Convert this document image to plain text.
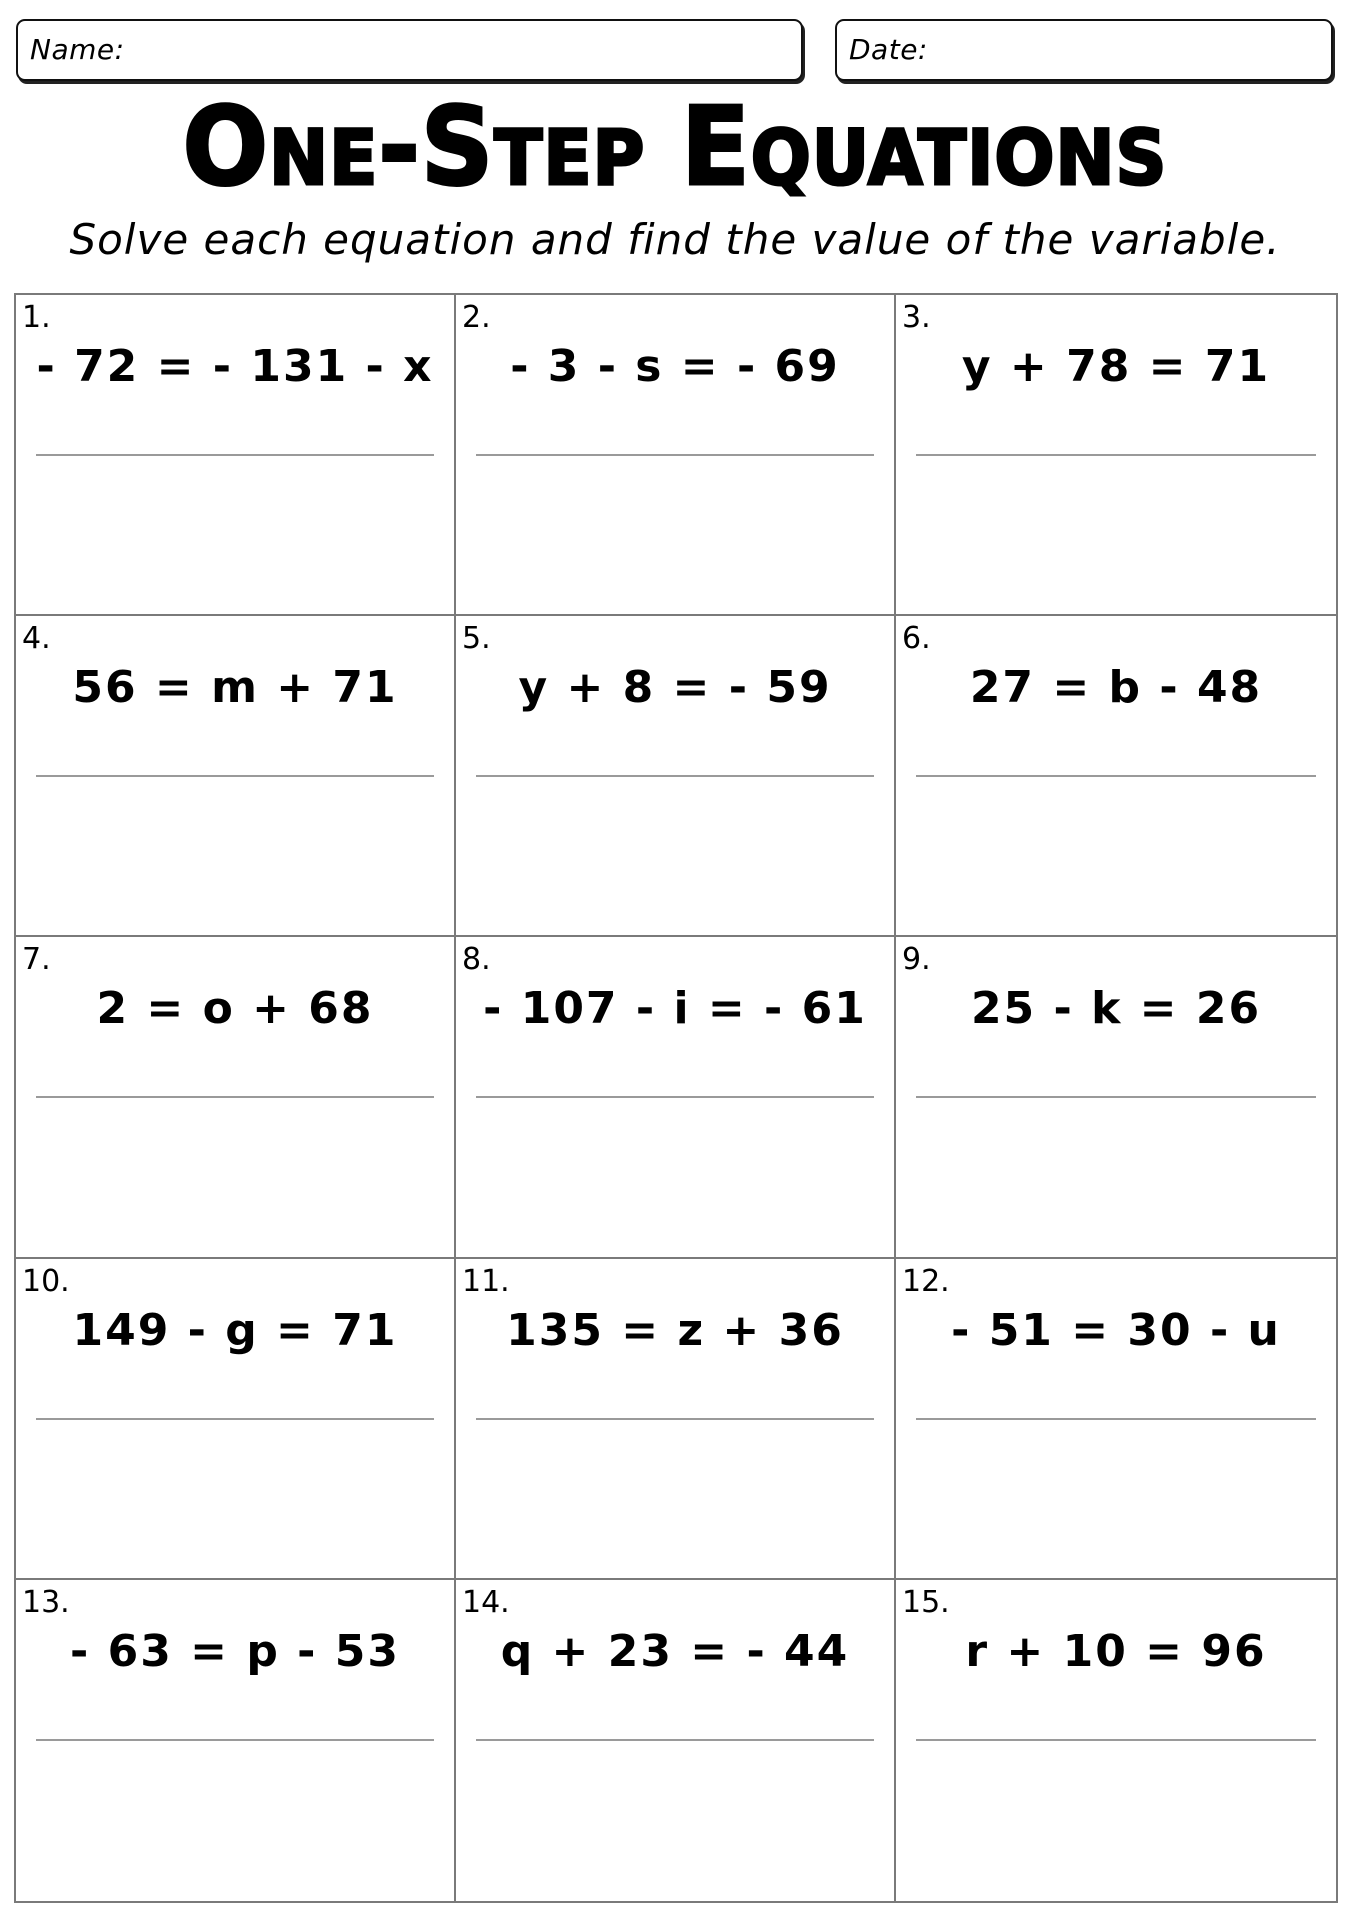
Name:	Date:
One-Step Equations
Solve each equation and find the value of the variable.
1.
- 72 = - 131 - x
2.
- 3 - s = - 69
3.
y + 78 = 71
4.
56 = m + 71
5.
y + 8 = - 59
6.
27 = b - 48
7.
2 = o + 68
8.
- 107 - i = - 61
9.
25 - k = 26
10.
149 - g = 71
11.
135 = z + 36
12.
- 51 = 30 - u
13.
- 63 = p - 53
14.
q + 23 = - 44
15.
r + 10 = 96
